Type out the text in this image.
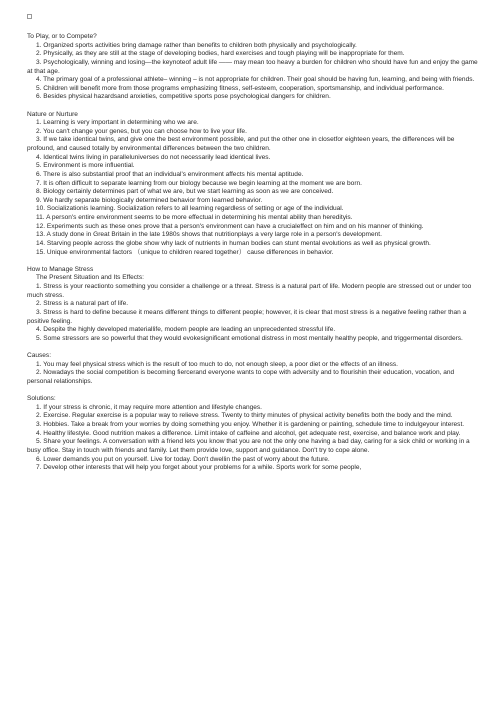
To Play, or to Compete?
1. Organized sports activities bring damage rather than benefits to children both physically and psychologically.
2. Physically, as they are still at the stage of developing bodies, hard exercises and tough playing will be inappropriate for them.
3. Psychologically, winning and losing—the keynoteof adult life —— may mean too heavy a burden for children who should have fun and enjoy the game at that age.
4. The primary goal of a professional athlete– winning – is not appropriate for children. Their goal should be having fun, learning, and being with friends.
5. Children will benefit more from those programs emphasizing fitness, self-esteem, cooperation, sportsmanship, and individual performance.
6. Besides physical hazardsand anxieties, competitive sports pose psychological dangers for children.
Nature or Nurture
1. Learning is very important in determining who we are.
2. You can't change your genes, but you can choose how to live your life.
3. If we take identical twins, and give one the best environment possible, and put the other one in closetfor eighteen years, the differences will be profound, and caused totally by environmental differences between the two children.
4. Identical twins living in paralleluniverses do not necessarily lead identical lives.
5. Environment is more influential.
6. There is also substantial proof that an individual's environment affects his mental aptitude.
7. It is often difficult to separate learning from our biology because we begin learning at the moment we are born.
8. Biology certainly determines part of what we are, but we start learning as soon as we are conceived.
9. We hardly separate biologically determined behavior from learned behavior.
10. Socializationis learning. Socialization refers to all learning regardless of setting or age of the individual.
11. A person's entire environment seems to be more effectual in determining his mental ability than heredityis.
12. Experiments such as these ones prove that a person's environment can have a crucialeffect on him and on his manner of thinking.
13. A study done in Great Britain in the late 1980s shows that nutritionplays a very large role in a person's development.
14. Starving people across the globe show why lack of nutrients in human bodies can stunt mental evolutions as well as physical growth.
15. Unique environmental factors （unique to children reared together） cause differences in behavior.
How to Manage Stress
The Present Situation and Its Effects:
1. Stress is your reactionto something you consider a challenge or a threat. Stress is a natural part of life. Modern people are stressed out or under too much stress.
2. Stress is a natural part of life.
3. Stress is hard to define because it means different things to different people; however, it is clear that most stress is a negative feeling rather than a positive feeling.
4. Despite the highly developed materiallife, modern people are leading an unprecedented stressful life.
5. Some stressors are so powerful that they would evokesignificant emotional distress in most mentally healthy people, and triggermental disorders.
Causes:
1. You may feel physical stress which is the result of too much to do, not enough sleep, a poor diet or the effects of an illness.
2. Nowadays the social competition is becoming fiercerand everyone wants to cope with adversity and to flourishin their education, vocation, and personal relationships.
Solutions:
1. If your stress is chronic, it may require more attention and lifestyle changes.
2. Exercise. Regular exercise is a popular way to relieve stress. Twenty to thirty minutes of physical activity benefits both the body and the mind.
3. Hobbies. Take a break from your worries by doing something you enjoy. Whether it is gardening or painting, schedule time to indulgeyour interest.
4. Healthy lifestyle. Good nutrition makes a difference. Limit intake of caffeine and alcohol, get adequate rest, exercise, and balance work and play.
5. Share your feelings. A conversation with a friend lets you know that you are not the only one having a bad day, caring for a sick child or working in a busy office. Stay in touch with friends and family. Let them provide love, support and guidance. Don't try to cope alone.
6. Lower demands you put on yourself. Live for today. Don't dwellin the past of worry about the future.
7. Develop other interests that will help you forget about your problems for a while. Sports work for some people,
